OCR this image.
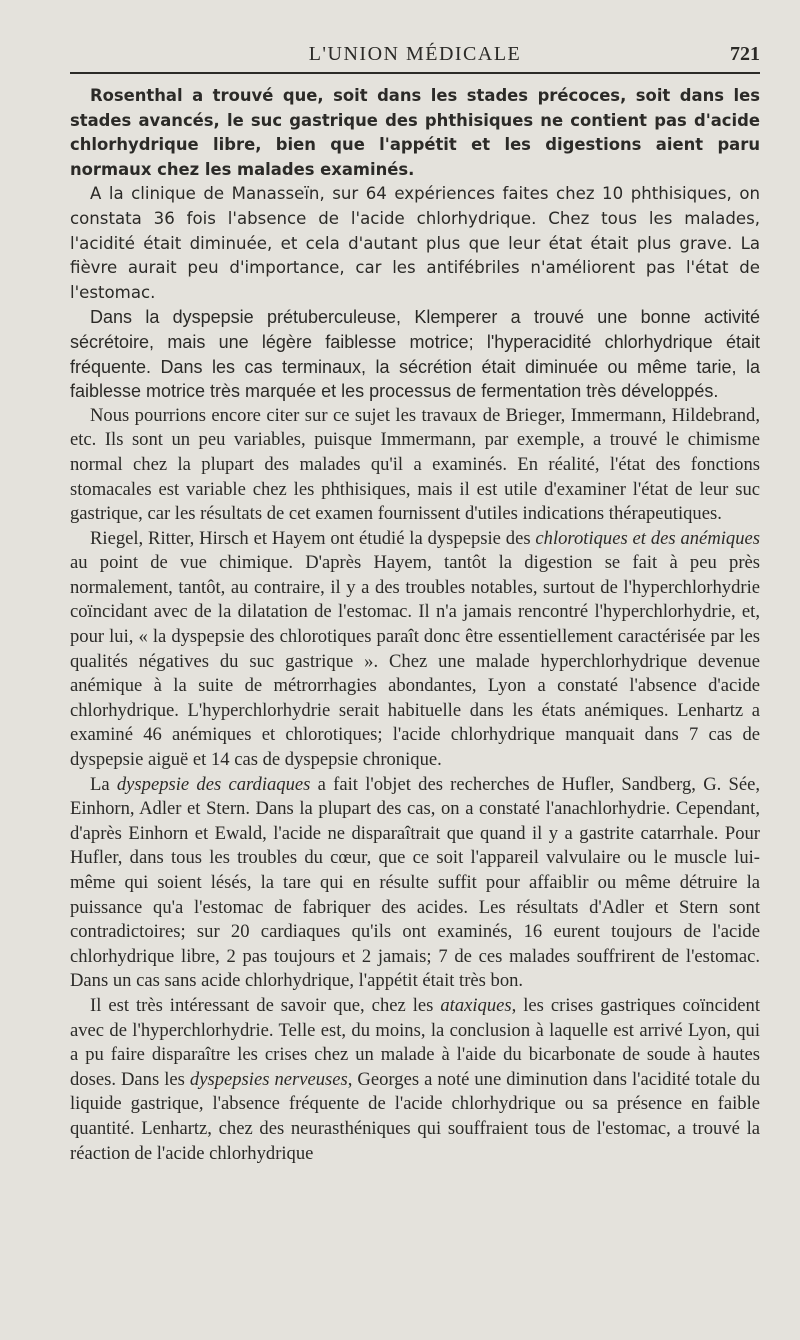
L'UNION MÉDICALE	721

Rosenthal a trouvé que, soit dans les stades précoces, soit dans les stades avancés, le suc gastrique des phthisiques ne contient pas d'acide chlorhydrique libre, bien que l'appétit et les digestions aient paru normaux chez les malades examinés.

A la clinique de Manasseïn, sur 64 expériences faites chez 10 phthisiques, on constata 36 fois l'absence de l'acide chlorhydrique. Chez tous les malades, l'acidité était diminuée, et cela d'autant plus que leur état était plus grave. La fièvre aurait peu d'importance, car les antifébriles n'améliorent pas l'état de l'estomac.

Dans la dyspepsie prétuberculeuse, Klemperer a trouvé une bonne activité sécrétoire, mais une légère faiblesse motrice; l'hyperacidité chlorhydrique était fréquente. Dans les cas terminaux, la sécrétion était diminuée ou même tarie, la faiblesse motrice très marquée et les processus de fermentation très développés.

Nous pourrions encore citer sur ce sujet les travaux de Brieger, Immermann, Hildebrand, etc. Ils sont un peu variables, puisque Immermann, par exemple, a trouvé le chimisme normal chez la plupart des malades qu'il a examinés. En réalité, l'état des fonctions stomacales est variable chez les phthisiques, mais il est utile d'examiner l'état de leur suc gastrique, car les résultats de cet examen fournissent d'utiles indications thérapeutiques.

Riegel, Ritter, Hirsch et Hayem ont étudié la dyspepsie des chlorotiques et des anémiques au point de vue chimique. D'après Hayem, tantôt la digestion se fait à peu près normalement, tantôt, au contraire, il y a des troubles notables, surtout de l'hyperchlorhydrie coïncidant avec de la dilatation de l'estomac. Il n'a jamais rencontré l'hyperchlorhydrie, et, pour lui, « la dyspepsie des chlorotiques paraît donc être essentiellement caractérisée par les qualités négatives du suc gastrique ». Chez une malade hyperchlorhydrique devenue anémique à la suite de métrorrhagies abondantes, Lyon a constaté l'absence d'acide chlorhydrique. L'hyperchlorhydrie serait habituelle dans les états anémiques. Lenhartz a examiné 46 anémiques et chlorotiques; l'acide chlorhydrique manquait dans 7 cas de dyspepsie aiguë et 14 cas de dyspepsie chronique.

La dyspepsie des cardiaques a fait l'objet des recherches de Hufler, Sandberg, G. Sée, Einhorn, Adler et Stern. Dans la plupart des cas, on a constaté l'anachlorhydrie. Cependant, d'après Einhorn et Ewald, l'acide ne disparaîtrait que quand il y a gastrite catarrhale. Pour Hufler, dans tous les troubles du cœur, que ce soit l'appareil valvulaire ou le muscle lui-même qui soient lésés, la tare qui en résulte suffit pour affaiblir ou même détruire la puissance qu'a l'estomac de fabriquer des acides. Les résultats d'Adler et Stern sont contradictoires; sur 20 cardiaques qu'ils ont examinés, 16 eurent toujours de l'acide chlorhydrique libre, 2 pas toujours et 2 jamais; 7 de ces malades souffrirent de l'estomac. Dans un cas sans acide chlorhydrique, l'appétit était très bon.

Il est très intéressant de savoir que, chez les ataxiques, les crises gastriques coïncident avec de l'hyperchlorhydrie. Telle est, du moins, la conclusion à laquelle est arrivé Lyon, qui a pu faire disparaître les crises chez un malade à l'aide du bicarbonate de soude à hautes doses. Dans les dyspepsies nerveuses, Georges a noté une diminution dans l'acidité totale du liquide gastrique, l'absence fréquente de l'acide chlorhydrique ou sa présence en faible quantité. Lenhartz, chez des neurasthéniques qui souffraient tous de l'estomac, a trouvé la réaction de l'acide chlorhydrique
